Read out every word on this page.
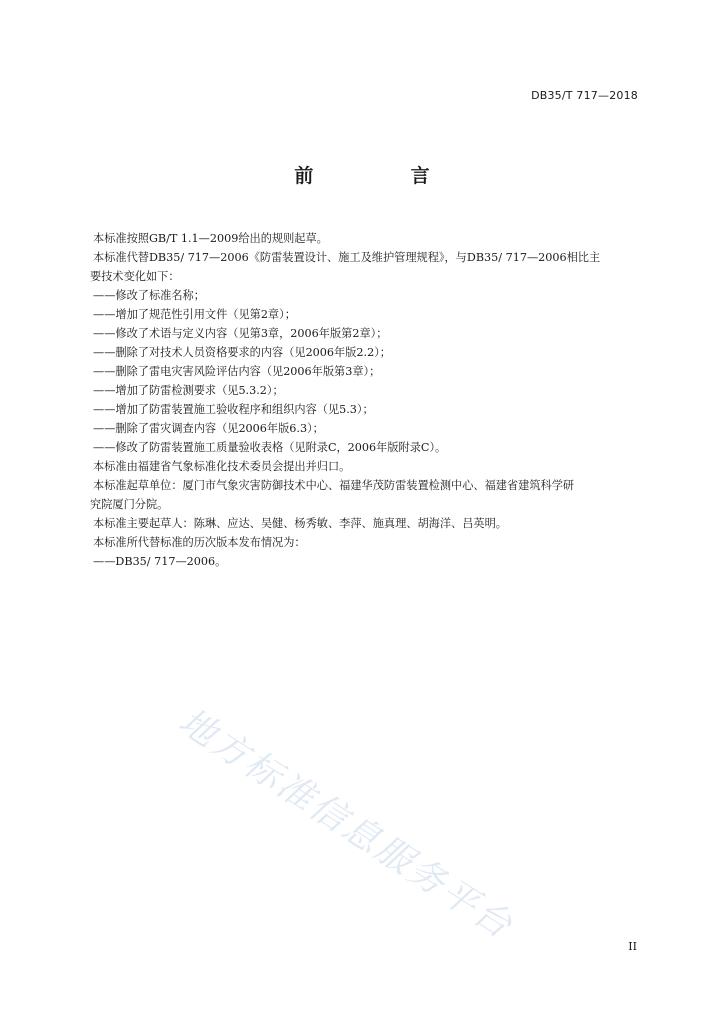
DB35/T 717—2018
前  言

本标准按照GB/T 1.1—2009给出的规则起草。

本标准代替DB35/ 717—2006《防雷装置设计、施工及维护管理规程》，与DB35/ 717—2006相比主

要技术变化如下：

——修改了标准名称；

——增加了规范性引用文件（见第2章）；

——修改了术语与定义内容（见第3章，2006年版第2章）；

——删除了对技术人员资格要求的内容（见2006年版2.2）；

——删除了雷电灾害风险评估内容（见2006年版第3章）；

——增加了防雷检测要求（见5.3.2）；

——增加了防雷装置施工验收程序和组织内容（见5.3）；

——删除了雷灾调查内容（见2006年版6.3）；

——修改了防雷装置施工质量验收表格（见附录C，2006年版附录C）。

本标准由福建省气象标准化技术委员会提出并归口。

本标准起草单位：厦门市气象灾害防御技术中心、福建华茂防雷装置检测中心、福建省建筑科学研

究院厦门分院。

本标准主要起草人：陈琳、应达、吴健、杨秀敏、李萍、施真理、胡海洋、吕英明。

本标准所代替标准的历次版本发布情况为：

——DB35/ 717—2006。

地方标准信息服务平台	II
